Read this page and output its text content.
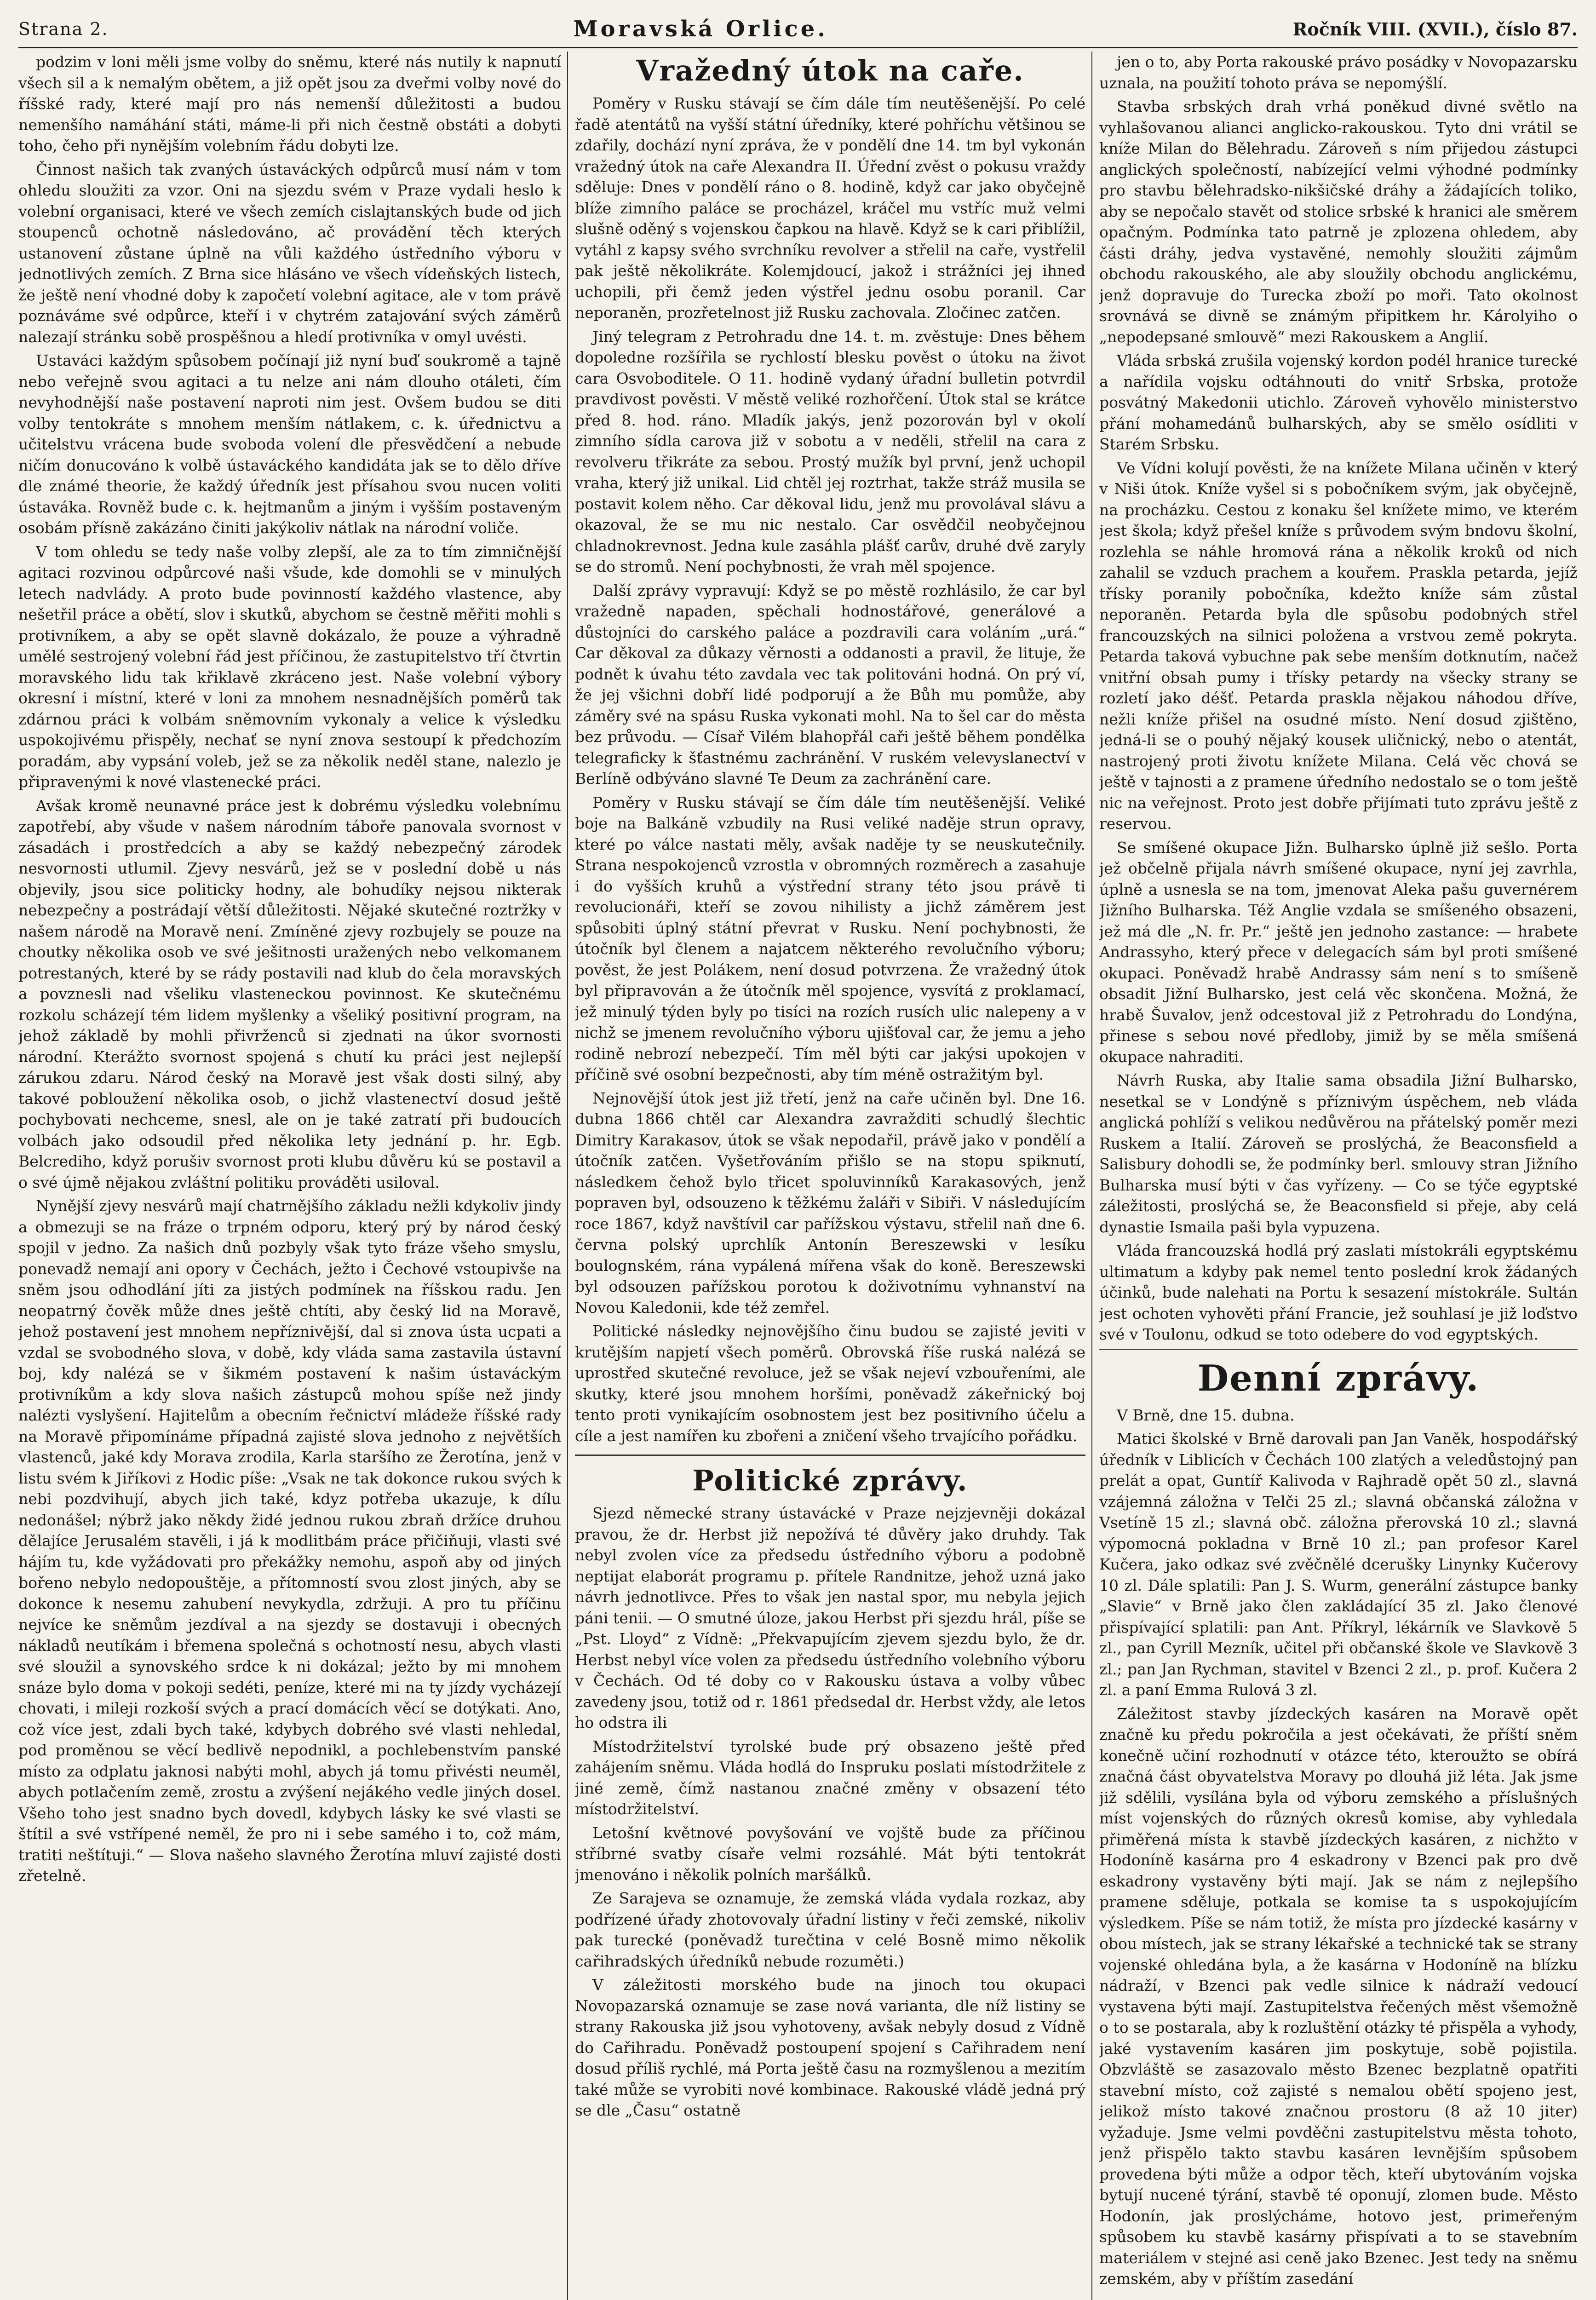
Strana 2.	Moravská Orlice.	Ročník VIII. (XVII.), číslo 87.

podzim v loni měli jsme volby do sněmu, které nás nutily k napnutí všech sil a k nemalým obětem, a již opět jsou za dveřmi volby nové do říšské rady, které mají pro nás nemenší důležitosti a budou nemenšího namáhání státi, máme-li při nich čestně obstáti a dobyti toho, čeho při nynějším volebním řádu dobyti lze.

Činnost našich tak zvaných ústaváckých odpůrců musí nám v tom ohledu sloužiti za vzor. Oni na sjezdu svém v Praze vydali heslo k volební organisaci, které ve všech zemích cislajtanských bude od jich stoupenců ochotně následováno, ač provádění těch kterých ustanovení zůstane úplně na vůli každého ústředního výboru v jednotlivých zemích. Z Brna sice hlásáno ve všech vídeňských listech, že ještě není vhodné doby k započetí volební agitace, ale v tom právě poznáváme své odpůrce, kteří i v chytrém zatajování svých záměrů nalezají stránku sobě prospěšnou a hledí protivníka v omyl uvésti.

Ustaváci každým spůsobem počínají již nyní buď soukromě a tajně nebo veřejně svou agitaci a tu nelze ani nám dlouho otáleti, čím nevyhodnější naše postavení naproti nim jest. Ovšem budou se diti volby tentokráte s mnohem menším nátlakem, c. k. úřednictvu a učitelstvu vrácena bude svoboda volení dle přesvědčení a nebude ničím donucováno k volbě ústaváckého kandidáta jak se to dělo dříve dle známé theorie, že každý úředník jest přísahou svou nucen voliti ústaváka. Rovněž bude c. k. hejtmanům a jiným i vyšším postaveným osobám přísně zakázáno činiti jakýkoliv nátlak na národní voliče.

V tom ohledu se tedy naše volby zlepší, ale za to tím zimničnější agitaci rozvinou odpůrcové naši všude, kde domohli se v minulých letech nadvlády. A proto bude povinností každého vlastence, aby nešetřil práce a obětí, slov i skutků, abychom se čestně měřiti mohli s protivníkem, a aby se opět slavně dokázalo, že pouze a výhradně umělé sestrojený volební řád jest příčinou, že zastupitelstvo tří čtvrtin moravského lidu tak křiklavě zkráceno jest. Naše volební výbory okresní i místní, které v loni za mnohem nesnadnějších poměrů tak zdárnou práci k volbám sněmovním vykonaly a velice k výsledku uspokojivému přispěly, nechať se nyní znova sestoupí k předchozím poradám, aby vypsání voleb, jež se za několik neděl stane, nalezlo je připravenými k nové vlastenecké práci.

Avšak kromě neunavné práce jest k dobrému výsledku volebnímu zapotřebí, aby všude v našem národním táboře panovala svornost v zásadách i prostředcích a aby se každý nebezpečný zárodek nesvornosti utlumil. Zjevy nesvárů, jež se v poslední době u nás objevily, jsou sice politicky hodny, ale bohudíky nejsou nikterak nebezpečny a postrádají větší důležitosti. Nějaké skutečné roztržky v našem národě na Moravě není. Zmíněné zjevy rozbujely se pouze na choutky několika osob ve své ješitnosti uražených nebo velkomanem potrestaných, které by se rády postavili nad klub do čela moravských a povznesli nad všeliku vlasteneckou povinnost. Ke skutečnému rozkolu scházejí tém lidem myšlenky a všeliký positivní program, na jehož základě by mohli přivrženců si zjednati na úkor svornosti národní. Kterážto svornost spojená s chutí ku práci jest nejlepší zárukou zdaru. Národ český na Moravě jest však dosti silný, aby takové pobloužení několika osob, o jichž vlastenectví dosud ještě pochybovati nechceme, snesl, ale on je také zatratí při budoucích volbách jako odsoudil před několika lety jednání p. hr. Egb. Belcrediho, když porušiv svornost proti klubu důvěru kú se postavil a o své újmě nějakou zvláštní politiku prováděti usiloval.

Nynější zjevy nesvárů mají chatrnějšího základu nežli kdykoliv jindy a obmezuji se na fráze o trpném odporu, který prý by národ český spojil v jedno. Za našich dnů pozbyly však tyto fráze všeho smyslu, ponevadž nemají ani opory v Čechách, ježto i Čechové vstoupivše na sněm jsou odhodlání jíti za jistých podmínek na říšskou radu. Jen neopatrný čověk může dnes ještě chtíti, aby český lid na Moravě, jehož postavení jest mnohem nepříznivější, dal si znova ústa ucpati a vzdal se svobodného slova, v době, kdy vláda sama zastavila ústavní boj, kdy nalézá se v šikmém postavení k našim ústaváckým protivníkům a kdy slova našich zástupců mohou spíše než jindy nalézti vyslyšení. Hajitelům a obecním řečnictví mládeže říšské rady na Moravě připomínáme případná zajisté slova jednoho z největších vlastenců, jaké kdy Morava zrodila, Karla staršího ze Žerotína, jenž v listu svém k Jiříkovi z Hodic píše: „Vsak ne tak dokonce rukou svých k nebi pozdvihují, abych jich také, kdyz potřeba ukazuje, k dílu nedonášel; nýbrž jako někdy židé jednou rukou zbraň držíce druhou dělajíce Jerusalém stavěli, i já k modlitbám práce přičiňuji, vlasti své hájím tu, kde vyžádovati pro překážky nemohu, aspoň aby od jiných bořeno nebylo nedopouštěje, a přítomností svou zlost jiných, aby se dokonce k nesemu zahubení nevykydla, zdržuji. A pro tu příčinu nejvíce ke sněmům jezdíval a na sjezdy se dostavuji i obecných nákladů neutíkám i břemena společná s ochotností nesu, abych vlasti své sloužil a synovského srdce k ni dokázal; ježto by mi mnohem snáze bylo doma v pokoji sedéti, peníze, které mi na ty jízdy vycházejí chovati, i mileji rozkoší svých a prací domácích věcí se dotýkati. Ano, což více jest, zdali bych také, kdybych dobrého své vlasti nehledal, pod proměnou se věcí bedlivě nepodnikl, a pochlebenstvím panské místo za odplatu jaknosi nabýti mohl, abych já tomu přivésti neuměl, abych potlačením země, zrostu a zvýšení nejákého vedle jiných dosel. Všeho toho jest snadno bych dovedl, kdybych lásky ke své vlasti se štítil a své vstřípené neměl, že pro ni i sebe samého i to, což mám, tratiti neštítuji.“ — Slova našeho slavného Žerotína mluví zajisté dosti zřetelně.

Vražedný útok na caře.

Poměry v Rusku stávají se čím dále tím neutěšenější. Po celé řadě atentátů na vyšší státní úředníky, které pohříchu většinou se zdařily, dochází nyní zpráva, že v pondělí dne 14. tm byl vykonán vražedný útok na caře Alexandra II. Úřední zvěst o pokusu vraždy sděluje: Dnes v pondělí ráno o 8. hodině, když car jako obyčejně blíže zimního paláce se procházel, kráčel mu vstříc muž velmi slušně oděný s vojenskou čapkou na hlavě. Když se k cari přiblížil, vytáhl z kapsy svého svrchníku revolver a střelil na caře, vystřelil pak ještě několikráte. Kolemjdoucí, jakož i strážníci jej ihned uchopili, při čemž jeden výstřel jednu osobu poranil. Car neporaněn, prozřetelnost již Rusku zachovala. Zločinec zatčen.

Jiný telegram z Petrohradu dne 14. t. m. zvěstuje: Dnes během dopoledne rozšířila se rychlostí blesku pověst o útoku na život cara Osvoboditele. O 11. hodině vydaný úřadní bulletin potvrdil pravdivost pověsti. V městě veliké rozhořčení. Útok stal se krátce před 8. hod. ráno. Mladík jakýs, jenž pozorován byl v okolí zimního sídla carova již v sobotu a v neděli, střelil na cara z revolveru třikráte za sebou. Prostý mužík byl první, jenž uchopil vraha, který již unikal. Lid chtěl jej roztrhat, takže stráž musila se postavit kolem něho. Car děkoval lidu, jenž mu provolával slávu a okazoval, že se mu nic nestalo. Car osvědčil neobyčejnou chladnokrevnost. Jedna kule zasáhla plášť carův, druhé dvě zaryly se do stromů. Není pochybnosti, že vrah měl spojence.

Další zprávy vypravují: Když se po městě rozhlásilo, že car byl vražedně napaden, spěchali hodnostářové, generálové a důstojníci do carského paláce a pozdravili cara voláním „urá.“ Car děkoval za důkazy věrnosti a oddanosti a pravil, že lituje, že podnět k úvahu této zavdala vec tak politováni hodná. On prý ví, že jej všichni dobří lidé podporují a že Bůh mu pomůže, aby záměry své na spásu Ruska vykonati mohl. Na to šel car do města bez průvodu. — Císař Vilém blahopřál caři ještě během pondělka telegraficky k šťastnému zachránění. V ruském velevyslanectví v Berlíně odbýváno slavné Te Deum za zachránění care.

Poměry v Rusku stávají se čím dále tím neutěšenější. Veliké boje na Balkáně vzbudily na Rusi veliké naděje strun opravy, které po válce nastati měly, avšak naděje ty se neuskutečnily. Strana nespokojenců vzrostla v obromných rozměrech a zasahuje i do vyšších kruhů a výstřední strany této jsou právě ti revolucionáři, kteří se zovou nihilisty a jichž záměrem jest spůsobiti úplný státní převrat v Rusku. Není pochybnosti, že útočník byl členem a najatcem některého revolučního výboru; pověst, že jest Polákem, není dosud potvrzena. Že vražedný útok byl připravován a že útočník měl spojence, vysvítá z proklamací, jež minulý týden byly po tisíci na rozích rusích ulic nalepeny a v nichž se jmenem revolučního výboru ujišťoval car, že jemu a jeho rodině nebrozí nebezpečí. Tím měl býti car jakýsi upokojen v příčině své osobní bezpečnosti, aby tím méně ostražitým byl.

Nejnovější útok jest již třetí, jenž na caře učiněn byl. Dne 16. dubna 1866 chtěl car Alexandra zavražditi schudlý šlechtic Dimitry Karakasov, útok se však nepodařil, právě jako v pondělí a útočník zatčen. Vyšetřováním přišlo se na stopu spiknutí, následkem čehož bylo třicet spoluvinníků Karakasových, jenž popraven byl, odsouzeno k těžkému žaláři v Sibiři. V následujícím roce 1867, když navštívil car pařížskou výstavu, střelil naň dne 6. června polský uprchlík Antonín Bereszewski v lesíku boulognském, rána vypálená mířena však do koně. Bereszewski byl odsouzen pařížskou porotou k doživotnímu vyhnanství na Novou Kaledonii, kde též zemřel.

Politické následky nejnovějšího činu budou se zajisté jeviti v krutějším napjetí všech poměrů. Obrovská říše ruská nalézá se uprostřed skutečné revoluce, jež se však nejeví vzbouřeními, ale skutky, které jsou mnohem horšími, poněvadž zákeřnický boj tento proti vynikajícím osobnostem jest bez positivního účelu a cíle a jest namířen ku zbořeni a zničení všeho trvajícího pořádku.

Politické zprávy.

Sjezd německé strany ústavácké v Praze nejzjevněji dokázal pravou, že dr. Herbst již nepožívá té důvěry jako druhdy. Tak nebyl zvolen více za předsedu ústředního výboru a podobně neptijat elaborát programu p. přítele Randnitze, jehož uzná jako návrh jednotlivce. Přes to však jen nastal spor, mu nebyla jejich páni tenii. — O smutné úloze, jakou Herbst při sjezdu hrál, píše se „Pst. Lloyd“ z Vídně: „Překvapujícím zjevem sjezdu bylo, že dr. Herbst nebyl více volen za předsedu ústředního volebního výboru v Čechách. Od té doby co v Rakousku ústava a volby vůbec zavedeny jsou, totiž od r. 1861 předsedal dr. Herbst vždy, ale letos ho odstra ili

Místodržitelství tyrolské bude prý obsazeno ještě před zahájením sněmu. Vláda hodlá do Inspruku poslati místodržitele z jiné země, čímž nastanou značné změny v obsazení této místodržitelství.

Letošní květnové povyšování ve vojště bude za příčinou stříbrné svatby císaře velmi rozsáhlé. Mát býti tentokrát jmenováno i několik polních maršálků.

Ze Sarajeva se oznamuje, že zemská vláda vydala rozkaz, aby podřízené úřady zhotovovaly úřadní listiny v řeči zemské, nikoliv pak turecké (poněvadž turečtina v celé Bosně mimo několik cařihradských úředníků nebude rozuměti.)

V záležitosti morského bude na jinoch tou okupaci Novopazarská oznamuje se zase nová varianta, dle níž listiny se strany Rakouska již jsou vyhotoveny, avšak nebyly dosud z Vídně do Cařihradu. Poněvadž postoupení spojení s Cařihradem není dosud příliš rychlé, má Porta ještě času na rozmyšlenou a mezitím také může se vyrobiti nové kombinace. Rakouské vládě jedná prý se dle „Času“ ostatně

jen o to, aby Porta rakouské právo posádky v Novopazarsku uznala, na použití tohoto práva se nepomýšlí.

Stavba srbských drah vrhá poněkud divné světlo na vyhlašovanou alianci anglicko-rakouskou. Tyto dni vrátil se kníže Milan do Bělehradu. Zároveň s ním přijedou zástupci anglických společností, nabízející velmi výhodné podmínky pro stavbu bělehradsko-nikšičské dráhy a žádajících toliko, aby se nepočalo stavět od stolice srbské k hranici ale směrem opačným. Podmínka tato patrně je zplozena ohledem, aby části dráhy, jedva vystavěné, nemohly sloužiti zájmům obchodu rakouského, ale aby sloužily obchodu anglickému, jenž dopravuje do Turecka zboží po moři. Tato okolnost srovnává se divně se známým připitkem hr. Károlyiho o „nepodepsané smlouvě“ mezi Rakouskem a Anglií.

Vláda srbská zrušila vojenský kordon podél hranice turecké a nařídila vojsku odtáhnouti do vnitř Srbska, protože posvátný Makedonii utichlo. Zároveň vyhovělo ministerstvo přání mohamedánů bulharských, aby se smělo osídliti v Starém Srbsku.

Ve Vídni kolují pověsti, že na knížete Milana učiněn v který v Niši útok. Kníže vyšel si s pobočníkem svým, jak obyčejně, na procházku. Cestou z konaku šel knížete mimo, ve kterém jest škola; když přešel kníže s průvodem svým bndovu školní, rozlehla se náhle hromová rána a několik kroků od nich zahalil se vzduch prachem a kouřem. Praskla petarda, jejíž třísky poranily pobočníka, kdežto kníže sám zůstal neporaněn. Petarda byla dle spůsobu podobných střel francouzských na silnici položena a vrstvou země pokryta. Petarda taková vybuchne pak sebe menším dotknutím, načež vnitřní obsah pumy i třísky petardy na všecky strany se rozletí jako déšť. Petarda praskla nějakou náhodou dříve, nežli kníže přišel na osudné místo. Není dosud zjištěno, jedná-li se o pouhý nějaký kousek uličnický, nebo o atentát, nastrojený proti životu knížete Milana. Celá věc chová se ještě v tajnosti a z pramene úředního nedostalo se o tom ještě nic na veřejnost. Proto jest dobře přijímati tuto zprávu ještě z reservou.

Se smíšené okupace Jižn. Bulharsko úplně již sešlo. Porta jež občelně přijala návrh smíšené okupace, nyní jej zavrhla, úplně a usnesla se na tom, jmenovat Aleka pašu guvernérem Jižního Bulharska. Též Anglie vzdala se smíšeného obsazeni, jež má dle „N. fr. Pr.“ ještě jen jednoho zastance: — hrabete Andrassyho, který přece v delegacích sám byl proti smíšené okupaci. Poněvadž hrabě Andrassy sám není s to smíšeně obsadit Jižní Bulharsko, jest celá věc skončena. Možná, že hrabě Šuvalov, jenž odcestoval již z Petrohradu do Londýna, přinese s sebou nové předloby, jimiž by se měla smíšená okupace nahraditi.

Návrh Ruska, aby Italie sama obsadila Jižní Bulharsko, nesetkal se v Londýně s příznivým úspěchem, neb vláda anglická pohlíží s velikou nedůvěrou na přátelský poměr mezi Ruskem a Italií. Zároveň se proslýchá, že Beaconsfield a Salisbury dohodli se, že podmínky berl. smlouvy stran Jižního Bulharska musí býti v čas vyřízeny. — Co se týče egyptské záležitosti, proslýchá se, že Beaconsfield si přeje, aby celá dynastie Ismaila paši byla vypuzena.

Vláda francouzská hodlá prý zaslati místokráli egyptskému ultimatum a kdyby pak nemel tento poslední krok žádaných účinků, bude nalehati na Portu k sesazení místokrále. Sultán jest ochoten vyhověti přání Francie, jež souhlasí je již loďstvo své v Toulonu, odkud se toto odebere do vod egyptských.

Denní zprávy.

V Brně, dne 15. dubna.

Matici školské v Brně darovali pan Jan Vaněk, hospodářský úředník v Liblicích v Čechách 100 zlatých a veledůstojný pan prelát a opat, Guntíř Kalivoda v Rajhradě opět 50 zl., slavná vzájemná záložna v Telči 25 zl.; slavná občanská záložna v Vsetíně 15 zl.; slavná obč. záložna přerovská 10 zl.; slavná výpomocná pokladna v Brně 10 zl.; pan profesor Karel Kučera, jako odkaz své zvěčnělé dcerušky Linynky Kučerovy 10 zl. Dále splatili: Pan J. S. Wurm, generální zástupce banky „Slavie“ v Brně jako člen zakládající 35 zl. Jako členové přispívající splatili: pan Ant. Příkryl, lékárník ve Slavkově 5 zl., pan Cyrill Mezník, učitel při občanské škole ve Slavkově 3 zl.; pan Jan Rychman, stavitel v Bzenci 2 zl., p. prof. Kučera 2 zl. a paní Emma Rulová 3 zl.

Záležitost stavby jízdeckých kasáren na Moravě opět značně ku předu pokročila a jest očekávati, že příští sněm konečně učiní rozhodnutí v otázce této, kteroužto se obírá značná část obyvatelstva Moravy po dlouhá již léta. Jak jsme již sdělili, vysílána byla od výboru zemského a příslušných míst vojenských do různých okresů komise, aby vyhledala přiměřená místa k stavbě jízdeckých kasáren, z nichžto v Hodoníně kasárna pro 4 eskadrony v Bzenci pak pro dvě eskadrony vystavěny býti mají. Jak se nám z nejlepšího pramene sděluje, potkala se komise ta s uspokojujícím výsledkem. Píše se nám totiž, že místa pro jízdecké kasárny v obou místech, jak se strany lékařské a technické tak se strany vojenské ohledána byla, a že kasárna v Hodoníně na blízku nádraží, v Bzenci pak vedle silnice k nádraží vedoucí vystavena býti mají. Zastupitelstva řečených měst všemožně o to se postarala, aby k rozluštění otázky té přispěla a vyhody, jaké vystavením kasáren jim poskytuje, sobě pojistila. Obzvláště se zasazovalo město Bzenec bezplatně opatřiti stavební místo, což zajisté s nemalou obětí spojeno jest, jelikož místo takové značnou prostoru (8 až 10 jiter) vyžaduje. Jsme velmi povděčni zastupitelstvu města tohoto, jenž přispělo takto stavbu kasáren levnějším spůsobem provedena býti může a odpor těch, kteří ubytováním vojska bytují nucené týrání, stavbě té oponují, zlomen bude. Město Hodonín, jak proslýcháme, hotovo jest, primeřeným spůsobem ku stavbě kasárny přispívati a to se stavebním materiálem v stejné asi ceně jako Bzenec. Jest tedy na sněmu zemském, aby v příštím zasedání
